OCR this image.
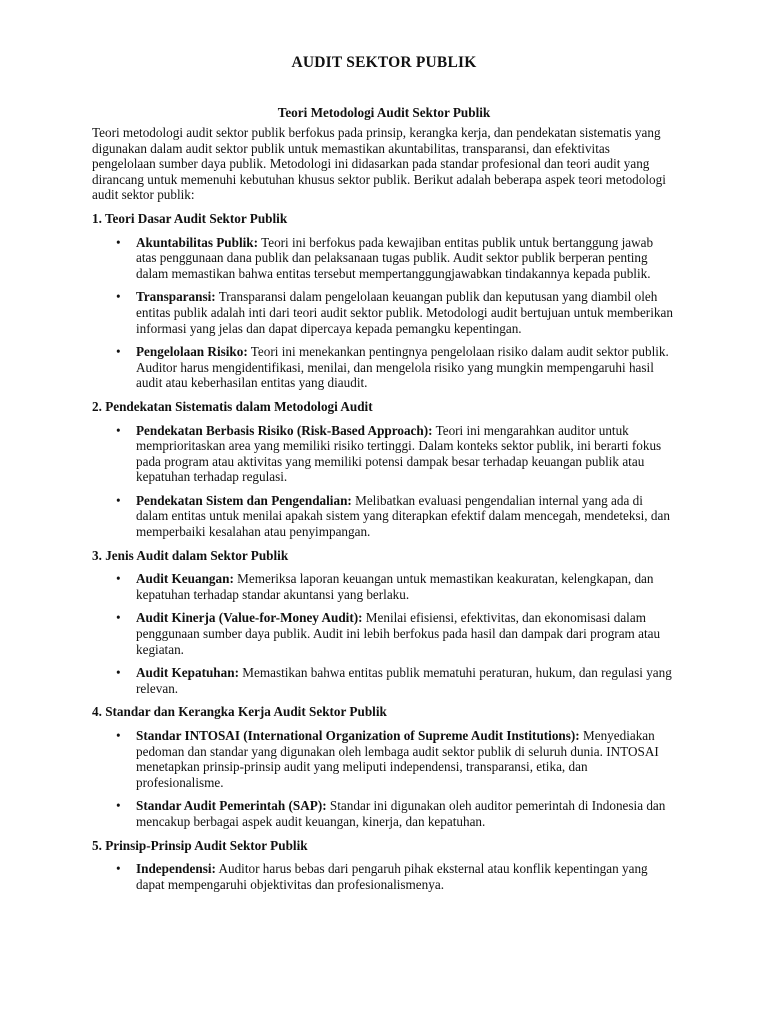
AUDIT SEKTOR PUBLIK
Teori Metodologi Audit Sektor Publik

Teori metodologi audit sektor publik berfokus pada prinsip, kerangka kerja, dan pendekatan sistematis yang digunakan dalam audit sektor publik untuk memastikan akuntabilitas, transparansi, dan efektivitas pengelolaan sumber daya publik. Metodologi ini didasarkan pada standar profesional dan teori audit yang dirancang untuk memenuhi kebutuhan khusus sektor publik. Berikut adalah beberapa aspek teori metodologi audit sektor publik:

1. Teori Dasar Audit Sektor Publik
• Akuntabilitas Publik: Teori ini berfokus pada kewajiban entitas publik untuk bertanggung jawab atas penggunaan dana publik dan pelaksanaan tugas publik. Audit sektor publik berperan penting dalam memastikan bahwa entitas tersebut mempertanggungjawabkan tindakannya kepada publik.
• Transparansi: Transparansi dalam pengelolaan keuangan publik dan keputusan yang diambil oleh entitas publik adalah inti dari teori audit sektor publik. Metodologi audit bertujuan untuk memberikan informasi yang jelas dan dapat dipercaya kepada pemangku kepentingan.
• Pengelolaan Risiko: Teori ini menekankan pentingnya pengelolaan risiko dalam audit sektor publik. Auditor harus mengidentifikasi, menilai, dan mengelola risiko yang mungkin mempengaruhi hasil audit atau keberhasilan entitas yang diaudit.
2. Pendekatan Sistematis dalam Metodologi Audit
• Pendekatan Berbasis Risiko (Risk-Based Approach): Teori ini mengarahkan auditor untuk memprioritaskan area yang memiliki risiko tertinggi. Dalam konteks sektor publik, ini berarti fokus pada program atau aktivitas yang memiliki potensi dampak besar terhadap keuangan publik atau kepatuhan terhadap regulasi.
• Pendekatan Sistem dan Pengendalian: Melibatkan evaluasi pengendalian internal yang ada di dalam entitas untuk menilai apakah sistem yang diterapkan efektif dalam mencegah, mendeteksi, dan memperbaiki kesalahan atau penyimpangan.
3. Jenis Audit dalam Sektor Publik
• Audit Keuangan: Memeriksa laporan keuangan untuk memastikan keakuratan, kelengkapan, dan kepatuhan terhadap standar akuntansi yang berlaku.
• Audit Kinerja (Value-for-Money Audit): Menilai efisiensi, efektivitas, dan ekonomisasi dalam penggunaan sumber daya publik. Audit ini lebih berfokus pada hasil dan dampak dari program atau kegiatan.
• Audit Kepatuhan: Memastikan bahwa entitas publik mematuhi peraturan, hukum, dan regulasi yang relevan.
4. Standar dan Kerangka Kerja Audit Sektor Publik
• Standar INTOSAI (International Organization of Supreme Audit Institutions): Menyediakan pedoman dan standar yang digunakan oleh lembaga audit sektor publik di seluruh dunia. INTOSAI menetapkan prinsip-prinsip audit yang meliputi independensi, transparansi, etika, dan profesionalisme.
• Standar Audit Pemerintah (SAP): Standar ini digunakan oleh auditor pemerintah di Indonesia dan mencakup berbagai aspek audit keuangan, kinerja, dan kepatuhan.
5. Prinsip-Prinsip Audit Sektor Publik
• Independensi: Auditor harus bebas dari pengaruh pihak eksternal atau konflik kepentingan yang dapat mempengaruhi objektivitas dan profesionalismenya.
